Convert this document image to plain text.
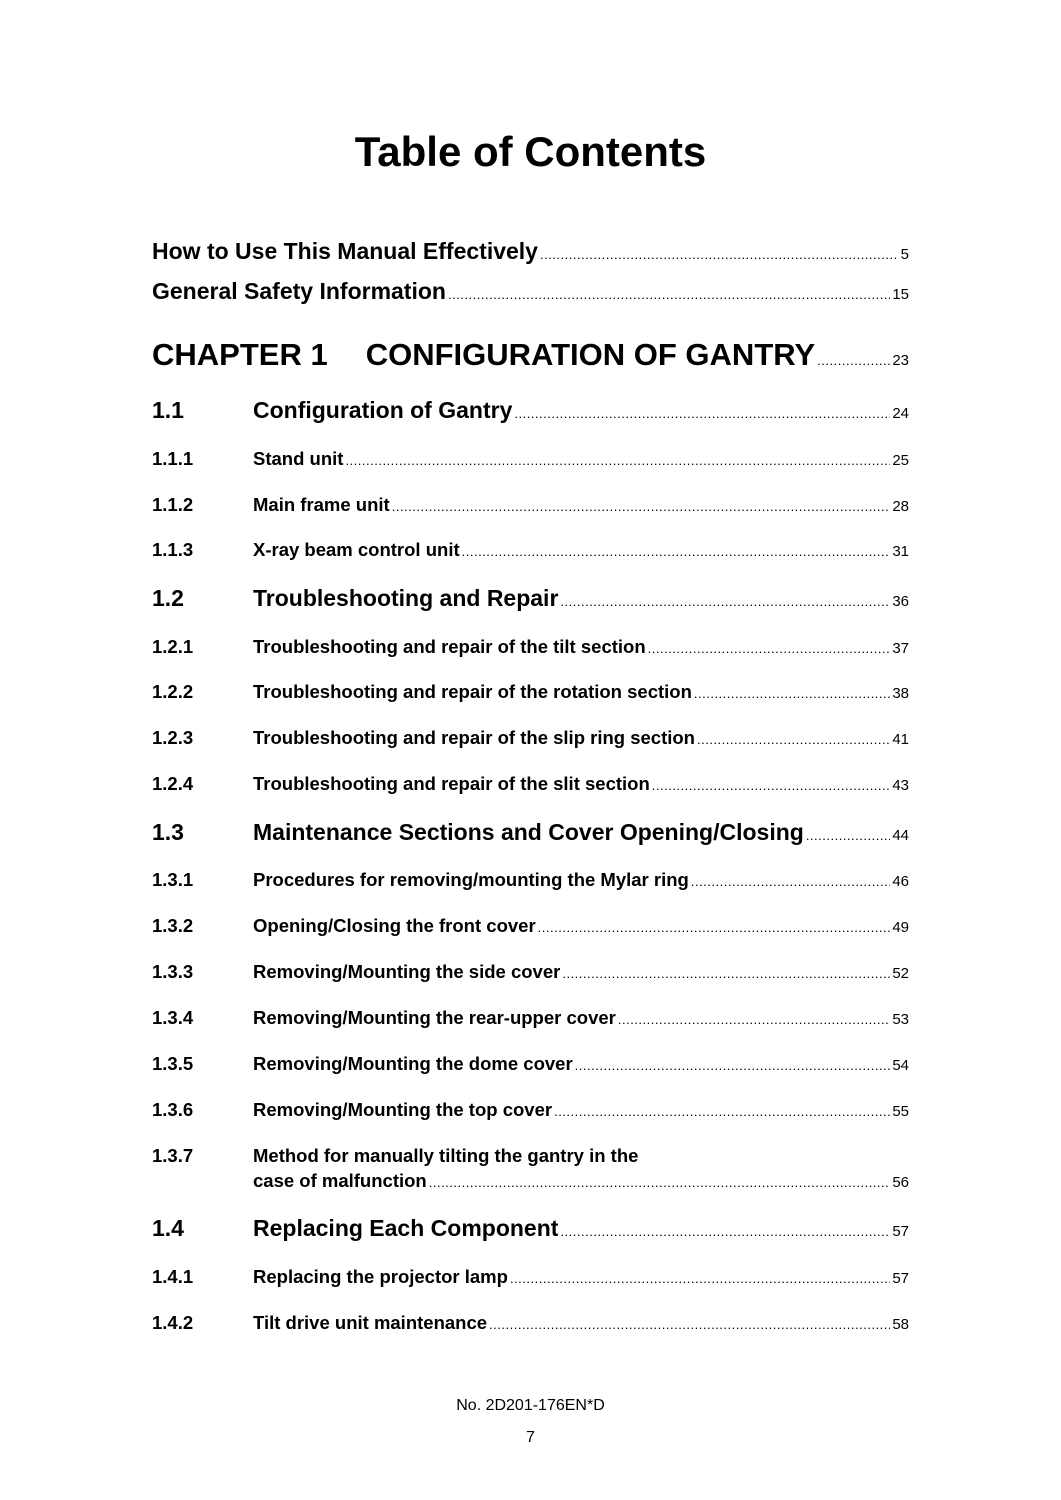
Table of Contents
How to Use This Manual Effectively .....	5
General Safety Information .....	15
CHAPTER 1 CONFIGURATION OF GANTRY .....	23
1.1	Configuration of Gantry .....	24
1.1.1	Stand unit .....	25
1.1.2	Main frame unit .....	28
1.1.3	X-ray beam control unit .....	31
1.2	Troubleshooting and Repair .....	36
1.2.1	Troubleshooting and repair of the tilt section .....	37
1.2.2	Troubleshooting and repair of the rotation section .....	38
1.2.3	Troubleshooting and repair of the slip ring section .....	41
1.2.4	Troubleshooting and repair of the slit section .....	43
1.3	Maintenance Sections and Cover Opening/Closing .....	44
1.3.1	Procedures for removing/mounting the Mylar ring .....	46
1.3.2	Opening/Closing the front cover .....	49
1.3.3	Removing/Mounting the side cover .....	52
1.3.4	Removing/Mounting the rear-upper cover .....	53
1.3.5	Removing/Mounting the dome cover .....	54
1.3.6	Removing/Mounting the top cover .....	55
1.3.7	Method for manually tilting the gantry in the
case of malfunction .....	56
1.4	Replacing Each Component .....	57
1.4.1	Replacing the projector lamp .....	57
1.4.2	Tilt drive unit maintenance .....	58
No. 2D201-176EN*D
7
